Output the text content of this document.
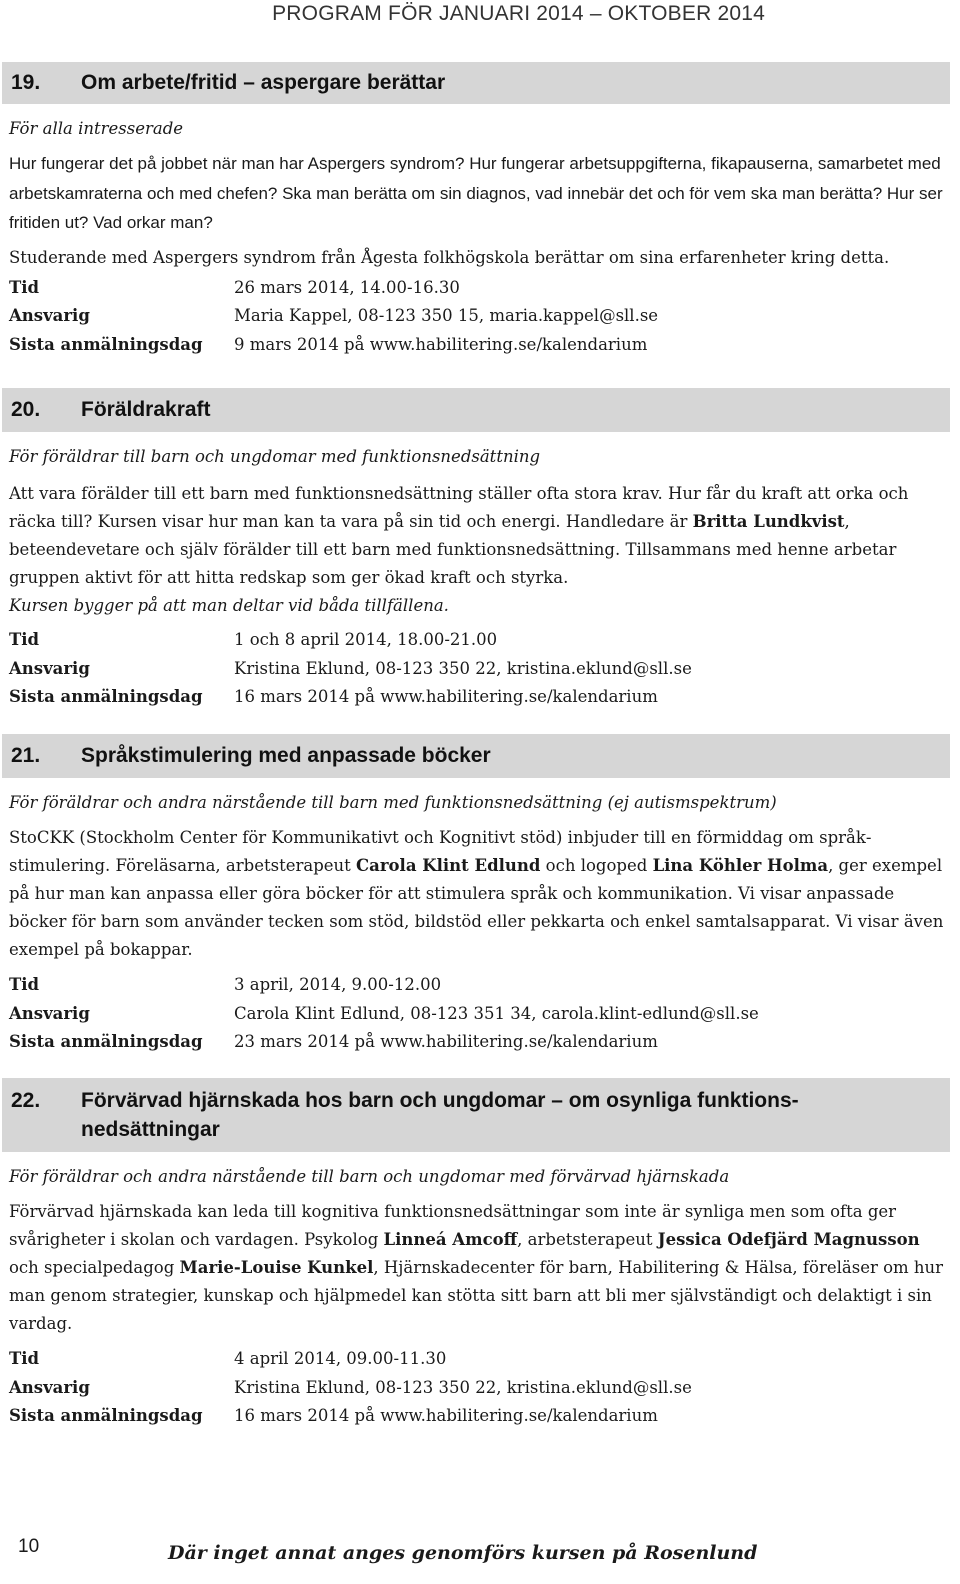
PROGRAM FÖR JANUARI 2014 – OKTOBER 2014
19.	Om arbete/fritid – aspergare berättar
För alla intresserade

Hur fungerar det på jobbet när man har Aspergers syndrom? Hur fungerar arbetsuppgifterna, fikapauserna, samarbetet med arbetskamraterna och med chefen? Ska man berätta om sin diagnos, vad innebär det och för vem ska man berätta? Hur ser fritiden ut? Vad orkar man?

Studerande med Aspergers syndrom från Ågesta folkhögskola berättar om sina erfarenheter kring detta.

Tid	26 mars 2014, 14.00-16.30
Ansvarig	Maria Kappel, 08-123 350 15, maria.kappel@sll.se
Sista anmälningsdag	9 mars 2014 på www.habilitering.se/kalendarium
20.	Föräldrakraft
För föräldrar till barn och ungdomar med funktionsnedsättning

Att vara förälder till ett barn med funktionsnedsättning ställer ofta stora krav. Hur får du kraft att orka och räcka till? Kursen visar hur man kan ta vara på sin tid och energi. Handledare är Britta Lundkvist, beteendevetare och själv förälder till ett barn med funktionsnedsättning. Tillsammans med henne arbetar gruppen aktivt för att hitta redskap som ger ökad kraft och styrka.

Kursen bygger på att man deltar vid båda tillfällena.

Tid	1 och 8 april 2014, 18.00-21.00
Ansvarig	Kristina Eklund, 08-123 350 22, kristina.eklund@sll.se
Sista anmälningsdag	16 mars 2014 på www.habilitering.se/kalendarium
21.	Språkstimulering med anpassade böcker
För föräldrar och andra närstående till barn med funktionsnedsättning (ej autismspektrum)

StoCKK (Stockholm Center för Kommunikativt och Kognitivt stöd) inbjuder till en förmiddag om språkstimulering. Föreläsarna, arbetsterapeut Carola Klint Edlund och logoped Lina Köhler Holma, ger exempel på hur man kan anpassa eller göra böcker för att stimulera språk och kommunikation. Vi visar anpassade böcker för barn som använder tecken som stöd, bildstöd eller pekkarta och enkel samtalsapparat. Vi visar även exempel på bokappar.

Tid	3 april, 2014, 9.00-12.00
Ansvarig	Carola Klint Edlund, 08-123 351 34, carola.klint-edlund@sll.se
Sista anmälningsdag	23 mars 2014 på www.habilitering.se/kalendarium
22.	Förvärvad hjärnskada hos barn och ungdomar – om osynliga funktionsnedsättningar
För föräldrar och andra närstående till barn och ungdomar med förvärvad hjärnskada

Förvärvad hjärnskada kan leda till kognitiva funktionsnedsättningar som inte är synliga men som ofta ger svårigheter i skolan och vardagen. Psykolog Linneá Amcoff, arbetsterapeut Jessica Odefjärd Magnusson och specialpedagog Marie-Louise Kunkel, Hjärnskadecenter för barn, Habilitering & Hälsa, föreläser om hur man genom strategier, kunskap och hjälpmedel kan stötta sitt barn att bli mer självständigt och delaktigt i sin vardag.

Tid	4 april 2014, 09.00-11.30
Ansvarig	Kristina Eklund, 08-123 350 22, kristina.eklund@sll.se
Sista anmälningsdag	16 mars 2014 på www.habilitering.se/kalendarium
10	Där inget annat anges genomförs kursen på Rosenlund
